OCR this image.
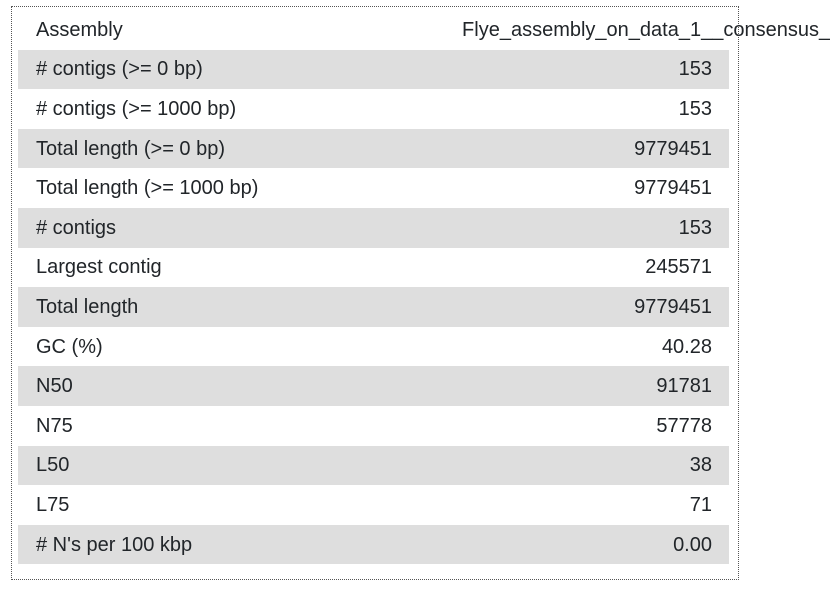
Assembly	Flye_assembly_on_data_1__consensus_
# contigs (>= 0 bp)	153
# contigs (>= 1000 bp)	153
Total length (>= 0 bp)	9779451
Total length (>= 1000 bp)	9779451
# contigs	153
Largest contig	245571
Total length	9779451
GC (%)	40.28
N50	91781
N75	57778
L50	38
L75	71
# N's per 100 kbp	0.00
